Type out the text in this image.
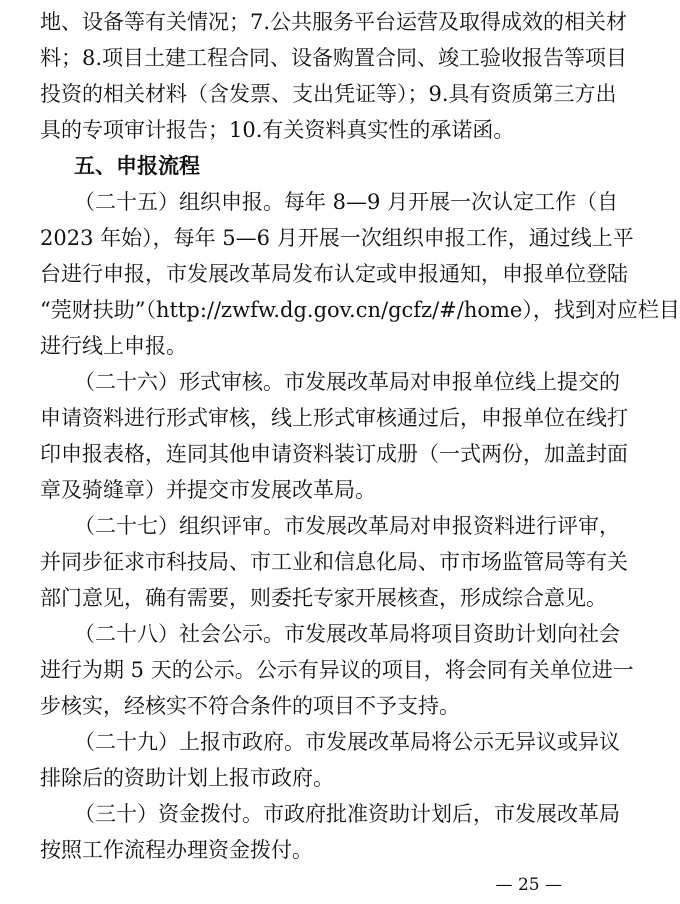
地、设备等有关情况；7.公共服务平台运营及取得成效的相关材
料；8.项目土建工程合同、设备购置合同、竣工验收报告等项目
投资的相关材料（含发票、支出凭证等）；9.具有资质第三方出
具的专项审计报告；10.有关资料真实性的承诺函。
五、申报流程
（二十五）组织申报。每年 8—9 月开展一次认定工作（自
2023 年始），每年 5—6 月开展一次组织申报工作，通过线上平
台进行申报，市发展改革局发布认定或申报通知，申报单位登陆
“莞财扶助”（http://zwfw.dg.gov.cn/gcfz/#/home），找到对应栏目
进行线上申报。
（二十六）形式审核。市发展改革局对申报单位线上提交的
申请资料进行形式审核，线上形式审核通过后，申报单位在线打
印申报表格，连同其他申请资料装订成册（一式两份，加盖封面
章及骑缝章）并提交市发展改革局。
（二十七）组织评审。市发展改革局对申报资料进行评审，
并同步征求市科技局、市工业和信息化局、市市场监管局等有关
部门意见，确有需要，则委托专家开展核查，形成综合意见。
（二十八）社会公示。市发展改革局将项目资助计划向社会
进行为期 5 天的公示。公示有异议的项目，将会同有关单位进一
步核实，经核实不符合条件的项目不予支持。
（二十九）上报市政府。市发展改革局将公示无异议或异议
排除后的资助计划上报市政府。
（三十）资金拨付。市政府批准资助计划后，市发展改革局
按照工作流程办理资金拨付。
— 25 —
